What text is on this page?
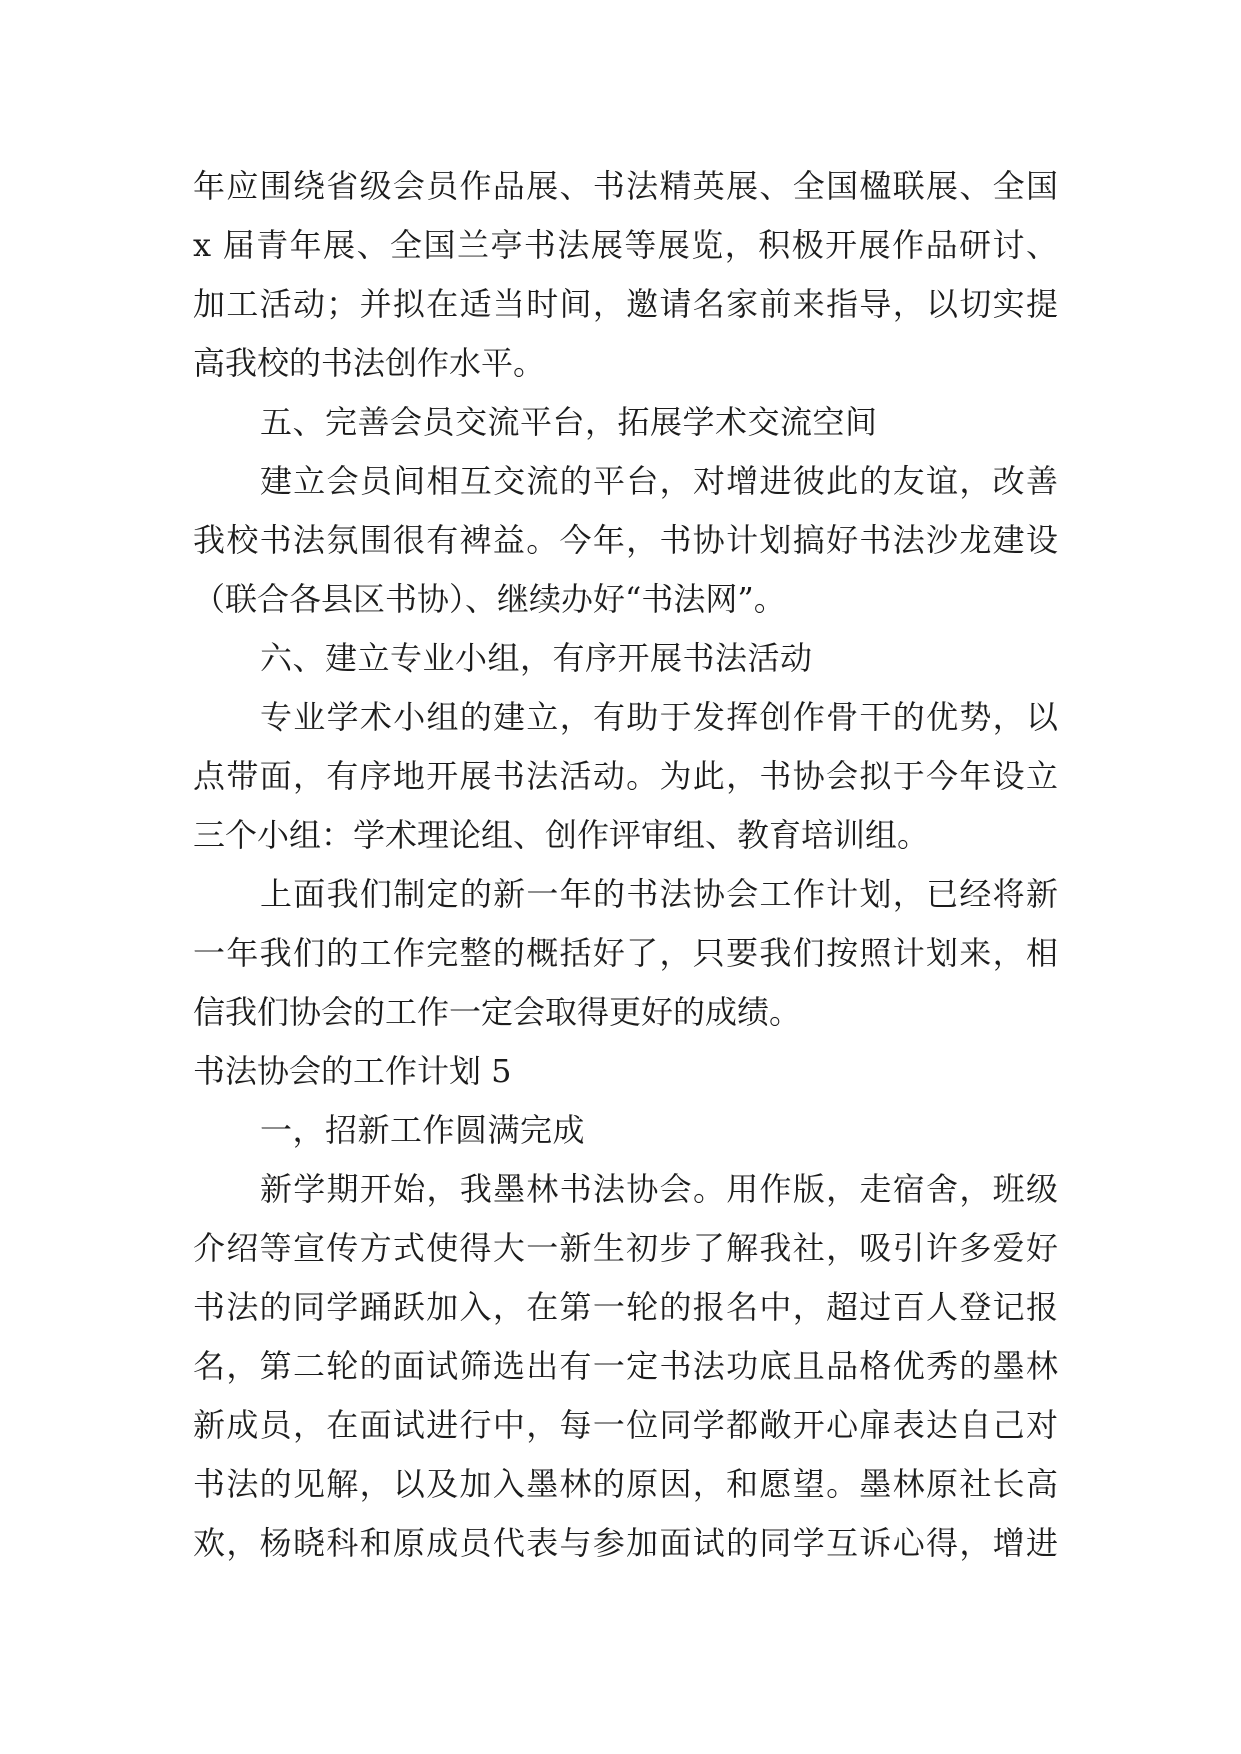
年应围绕省级会员作品展、书法精英展、全国楹联展、全国
x 届青年展、全国兰亭书法展等展览，积极开展作品研讨、
加工活动；并拟在适当时间，邀请名家前来指导，以切实提
高我校的书法创作水平。
五、完善会员交流平台，拓展学术交流空间
建立会员间相互交流的平台，对增进彼此的友谊，改善
我校书法氛围很有裨益。今年，书协计划搞好书法沙龙建设
（联合各县区书协）、继续办好“书法网”。
六、建立专业小组，有序开展书法活动
专业学术小组的建立，有助于发挥创作骨干的优势，以
点带面，有序地开展书法活动。为此，书协会拟于今年设立
三个小组：学术理论组、创作评审组、教育培训组。
上面我们制定的新一年的书法协会工作计划，已经将新
一年我们的工作完整的概括好了，只要我们按照计划来，相
信我们协会的工作一定会取得更好的成绩。
书法协会的工作计划 5
一，招新工作圆满完成
新学期开始，我墨林书法协会。用作版，走宿舍，班级
介绍等宣传方式使得大一新生初步了解我社，吸引许多爱好
书法的同学踊跃加入，在第一轮的报名中，超过百人登记报
名，第二轮的面试筛选出有一定书法功底且品格优秀的墨林
新成员，在面试进行中，每一位同学都敞开心扉表达自己对
书法的见解，以及加入墨林的原因，和愿望。墨林原社长高
欢，杨晓科和原成员代表与参加面试的同学互诉心得，增进
